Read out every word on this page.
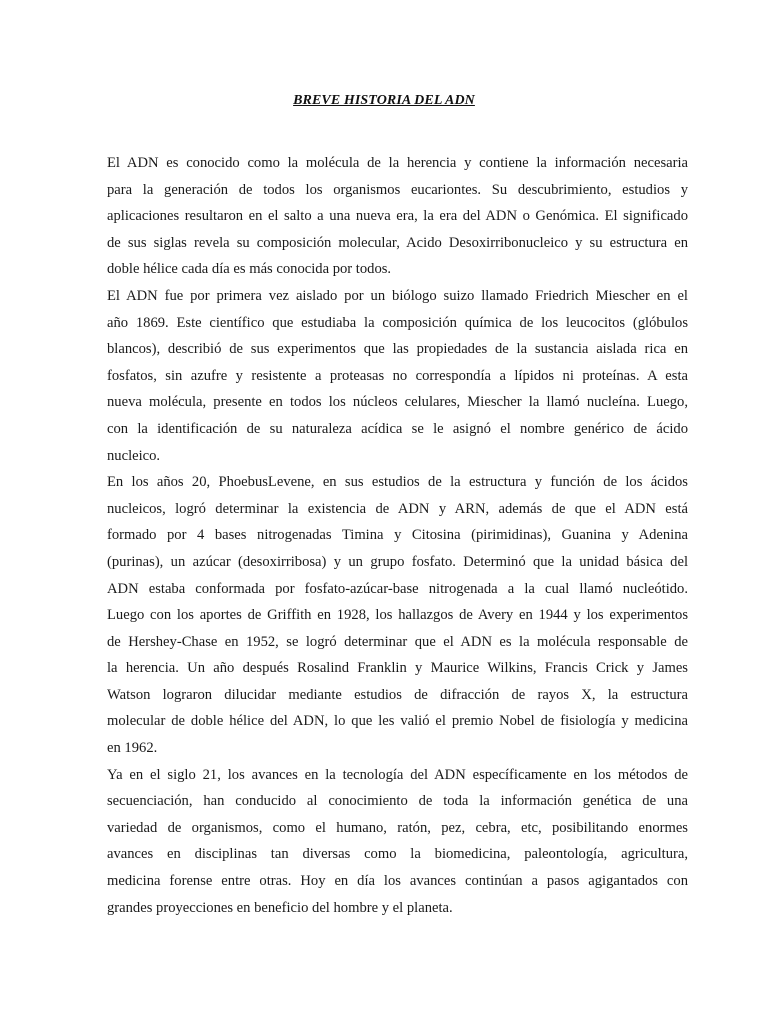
BREVE HISTORIA DEL ADN
El ADN es conocido como la molécula de la herencia y contiene la información necesaria
para la generación de todos los organismos eucariontes. Su descubrimiento, estudios y
aplicaciones resultaron en el salto a una nueva era, la era del ADN o Genómica. El significado
de sus siglas revela su composición molecular, Acido Desoxirribonucleico y su estructura en
doble hélice cada día es más conocida por todos.
El ADN fue por primera vez aislado por un biólogo suizo llamado Friedrich Miescher en el
año 1869. Este científico que estudiaba la composición química de los leucocitos (glóbulos
blancos), describió de sus experimentos que las propiedades de la sustancia aislada rica en
fosfatos, sin azufre y resistente a proteasas no correspondía a lípidos ni proteínas. A esta
nueva molécula, presente en todos los núcleos celulares, Miescher la llamó nucleína. Luego,
con la identificación de su naturaleza acídica se le asignó el nombre genérico de ácido
nucleico.
En los años 20, PhoebusLevene, en sus estudios de la estructura y función de los ácidos
nucleicos, logró determinar la existencia de ADN y ARN, además de que el ADN está
formado por 4 bases nitrogenadas Timina y Citosina (pirimidinas), Guanina y Adenina
(purinas), un azúcar (desoxirribosa) y un grupo fosfato. Determinó que la unidad básica del
ADN estaba conformada por fosfato-azúcar-base nitrogenada a la cual llamó nucleótido.
Luego con los aportes de Griffith en 1928, los hallazgos de Avery en 1944 y los experimentos
de Hershey-Chase en 1952, se logró determinar que el ADN es la molécula responsable de
la herencia. Un año después Rosalind Franklin y Maurice Wilkins, Francis Crick y James
Watson lograron dilucidar mediante estudios de difracción de rayos X, la estructura
molecular de doble hélice del ADN, lo que les valió el premio Nobel de fisiología y medicina
en 1962.
Ya en el siglo 21, los avances en la tecnología del ADN específicamente en los métodos de
secuenciación, han conducido al conocimiento de toda la información genética de una
variedad de organismos, como el humano, ratón, pez, cebra, etc, posibilitando enormes
avances en disciplinas tan diversas como la biomedicina, paleontología, agricultura,
medicina forense entre otras. Hoy en día los avances continúan a pasos agigantados con
grandes proyecciones en beneficio del hombre y el planeta.
